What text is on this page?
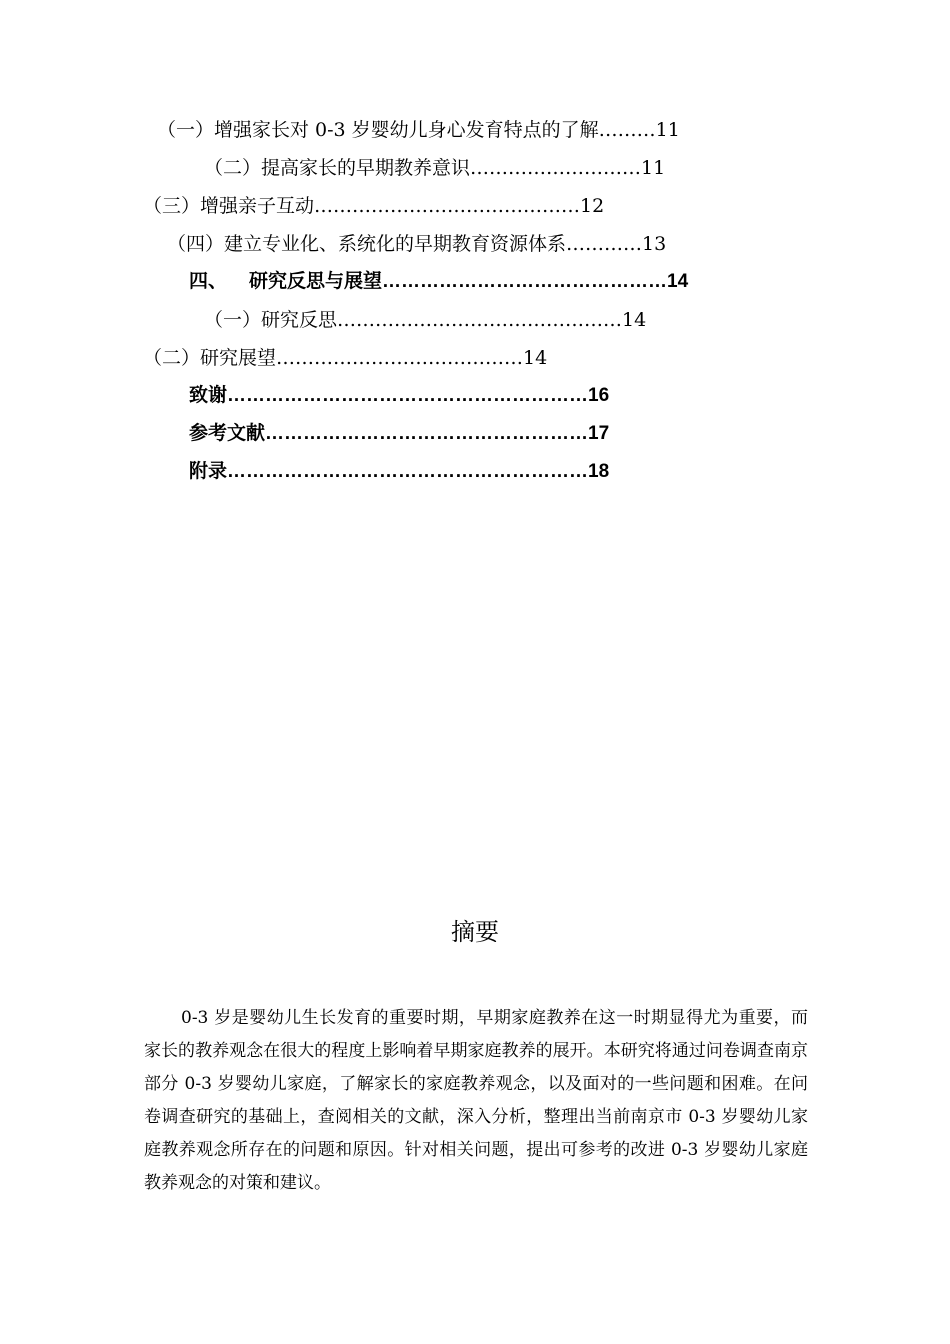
（一）增强家长对 0-3 岁婴幼儿身心发育特点的了解………11
（二）提高家长的早期教养意识………………………11
（三）增强亲子互动……………………………………12
（四）建立专业化、系统化的早期教育资源体系…………13
四、 研究反思与展望………………………………………14
（一）研究反思………………………………………14
（二）研究展望…………………………………14
致谢…………………………………………………16
参考文献……………………………………………17
附录…………………………………………………18
摘要
0-3 岁是婴幼儿生长发育的重要时期，早期家庭教养在这一时期显得尤为重要，而家长的教养观念在很大的程度上影响着早期家庭教养的展开。本研究将通过问卷调查南京部分 0-3 岁婴幼儿家庭，了解家长的家庭教养观念，以及面对的一些问题和困难。在问卷调查研究的基础上，查阅相关的文献，深入分析，整理出当前南京市 0-3 岁婴幼儿家庭教养观念所存在的问题和原因。针对相关问题，提出可参考的改进 0-3 岁婴幼儿家庭教养观念的对策和建议。
